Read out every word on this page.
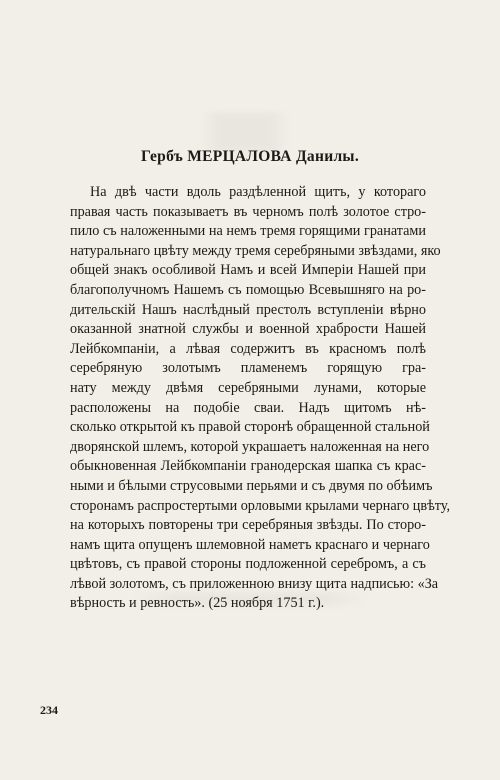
Гербъ МЕРЦАЛОВА Данилы.
На двѣ части вдоль раздѣленной щитъ, у котораго
правая часть показываетъ въ черномъ полѣ золотое стро-
пило съ наложенными на немъ тремя горящими гранатами
натуральнаго цвѣту между тремя серебряными звѣздами, яко
общей знакъ особливой Намъ и всей Имперіи Нашей при
благополучномъ Нашемъ съ помощью Всевышняго на ро-
дительскій Нашъ наслѣдный престолъ вступленіи вѣрно
оказанной знатной службы и военной храбрости Нашей
Лейбкомпаніи, а лѣвая содержитъ въ красномъ полѣ
серебряную золотымъ пламенемъ горящую гра-
нату между двѣмя серебряными лунами, которые
расположены на подобіе сваи. Надъ щитомъ нѣ-
сколько открытой къ правой сторонѣ обращенной стальной
дворянской шлемъ, которой украшаетъ наложенная на него
обыкновенная Лейбкомпаніи гранодерская шапка съ крас-
ными и бѣлыми струсовыми перьями и съ двумя по обѣимъ
сторонамъ распростертыми орловыми крылами чернаго цвѣту,
на которыхъ повторены три серебряныя звѣзды. По сторо-
намъ щита опущенъ шлемовной наметъ краснаго и чернаго
цвѣтовъ, съ правой стороны подложенной серебромъ, а съ
лѣвой золотомъ, съ приложенною внизу щита надписью: «За
вѣрность и ревность». (25 ноября 1751 г.).
234
